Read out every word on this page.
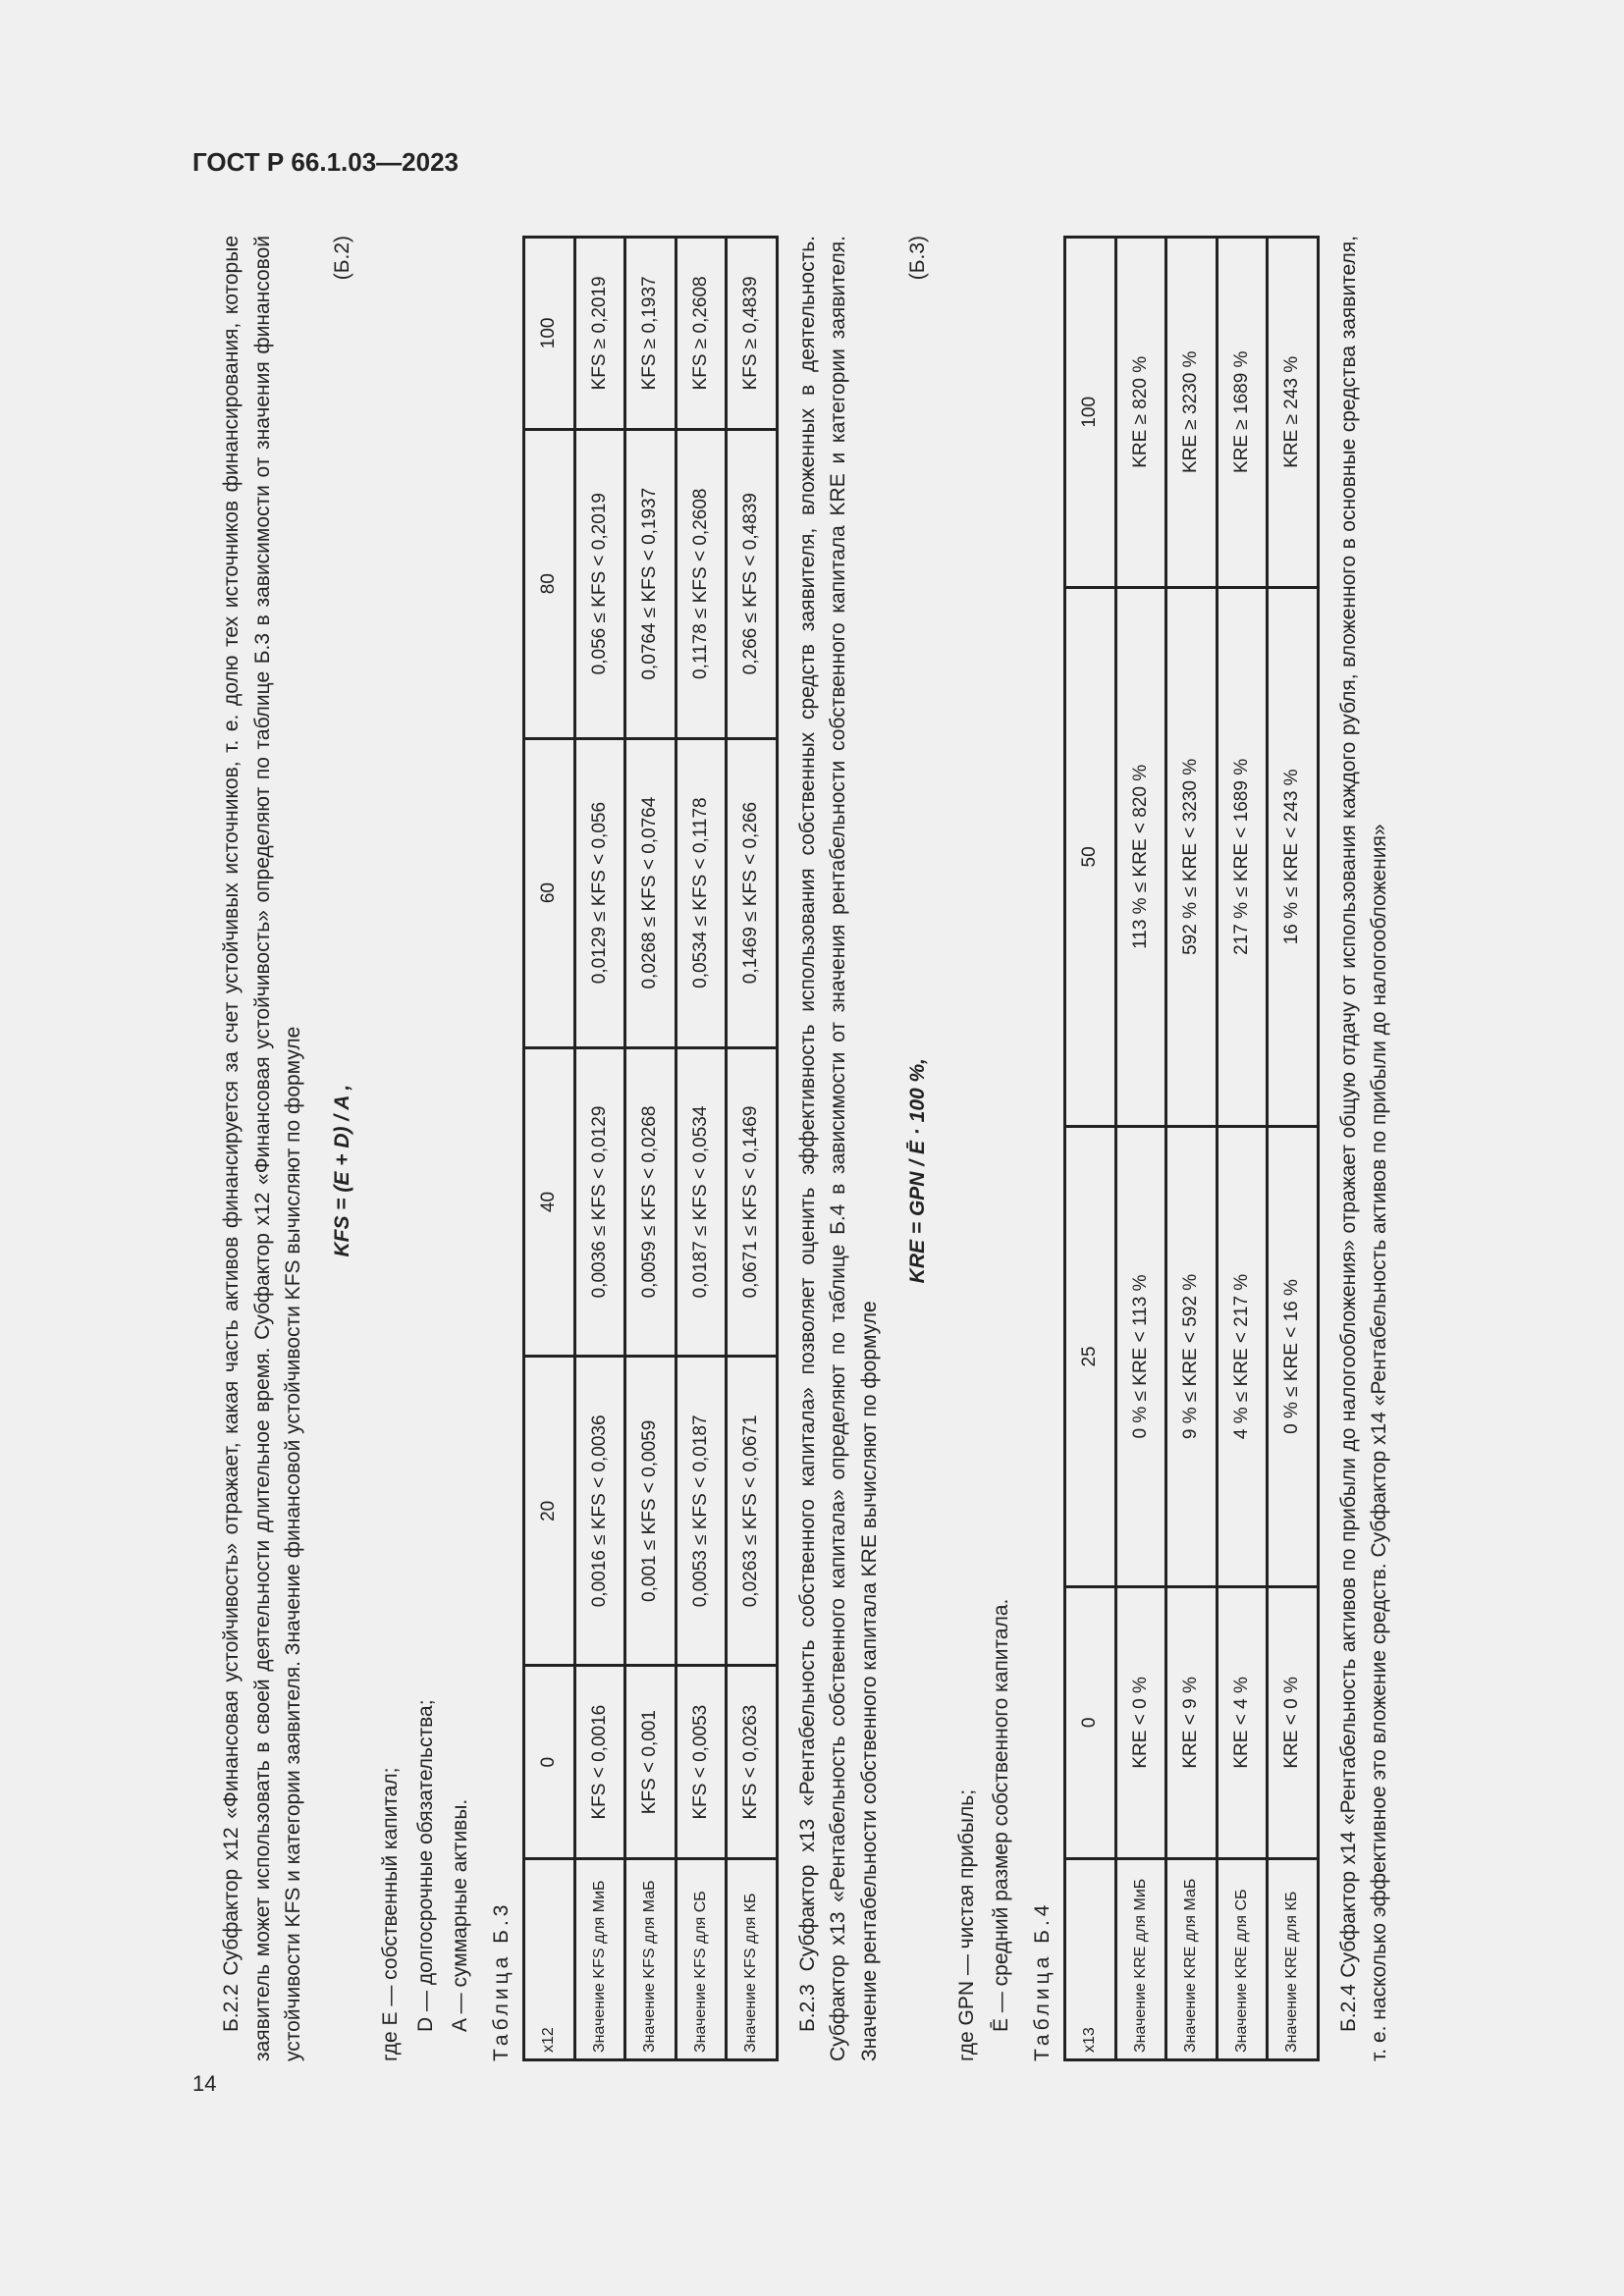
ГОСТ Р 66.1.03—2023
14

Б.2.2 Субфактор x12 «Финансовая устойчивость» отражает, какая часть активов финансируется за счет устойчивых источников, т. е. долю тех источников финансирования, которые заявитель может использовать в своей деятельности длительное время. Субфактор x12 «Финансовая устойчивость» определяют по таблице Б.3 в зависимости от значения финансовой устойчивости KFS и категории заявителя. Значение финансовой устойчивости KFS вычисляют по формуле KFS = (E + D) / A ,
(Б.2)

где E — собственный капитал; D — долгосрочные обязательства; A — суммарные активы. Таблица Б.3 x12	0	20	40	60	80	100
Значение KFS для МиБ	KFS < 0,0016	0,0016 ≤ KFS < 0,0036	0,0036 ≤ KFS < 0,0129	0,0129 ≤ KFS < 0,056	0,056 ≤ KFS < 0,2019	KFS ≥ 0,2019
Значение KFS для МаБ	KFS < 0,001	0,001 ≤ KFS < 0,0059	0,0059 ≤ KFS < 0,0268	0,0268 ≤ KFS < 0,0764	0,0764 ≤ KFS < 0,1937	KFS ≥ 0,1937
Значение KFS для СБ	KFS < 0,0053	0,0053 ≤ KFS < 0,0187	0,0187 ≤ KFS < 0,0534	0,0534 ≤ KFS < 0,1178	0,1178 ≤ KFS < 0,2608	KFS ≥ 0,2608
Значение KFS для КБ	KFS < 0,0263	0,0263 ≤ KFS < 0,0671	0,0671 ≤ KFS < 0,1469	0,1469 ≤ KFS < 0,266	0,266 ≤ KFS < 0,4839	KFS ≥ 0,4839 Б.2.3 Субфактор x13 «Рентабельность собственного капитала» позволяет оценить эффективность использования собственных средств заявителя, вложенных в деятельность. Субфактор x13 «Рентабельность собственного капитала» определяют по таблице Б.4 в зависимости от значения рентабельности собственного капитала KRE и категории заявителя. Значение рентабельности собственного капитала KRE вычисляют по формуле

KRE = GPN / Ē · 100 %,
(Б.3)

где GPN — чистая прибыль; Ē — средний размер собственного капитала. Таблица Б.4 x13	0	25	50	100
Значение KRE для МиБ	KRE < 0 %	0 % ≤ KRE < 113 %	113 % ≤ KRE < 820 %	KRE ≥ 820 %
Значение KRE для МаБ	KRE < 9 %	9 % ≤ KRE < 592 %	592 % ≤ KRE < 3230 %	KRE ≥ 3230 %
Значение KRE для СБ	KRE < 4 %	4 % ≤ KRE < 217 %	217 % ≤ KRE < 1689 %	KRE ≥ 1689 %
Значение KRE для КБ	KRE < 0 %	0 % ≤ KRE < 16 %	16 % ≤ KRE < 243 %	KRE ≥ 243 % Б.2.4 Субфактор x14 «Рентабельность активов по прибыли до налогообложения» отражает общую отдачу от использования каждого рубля, вложенного в основные средства заявителя, т. е. насколько эффективное это вложение средств. Субфактор x14 «Рентабельность активов по прибыли до налогообложения»
